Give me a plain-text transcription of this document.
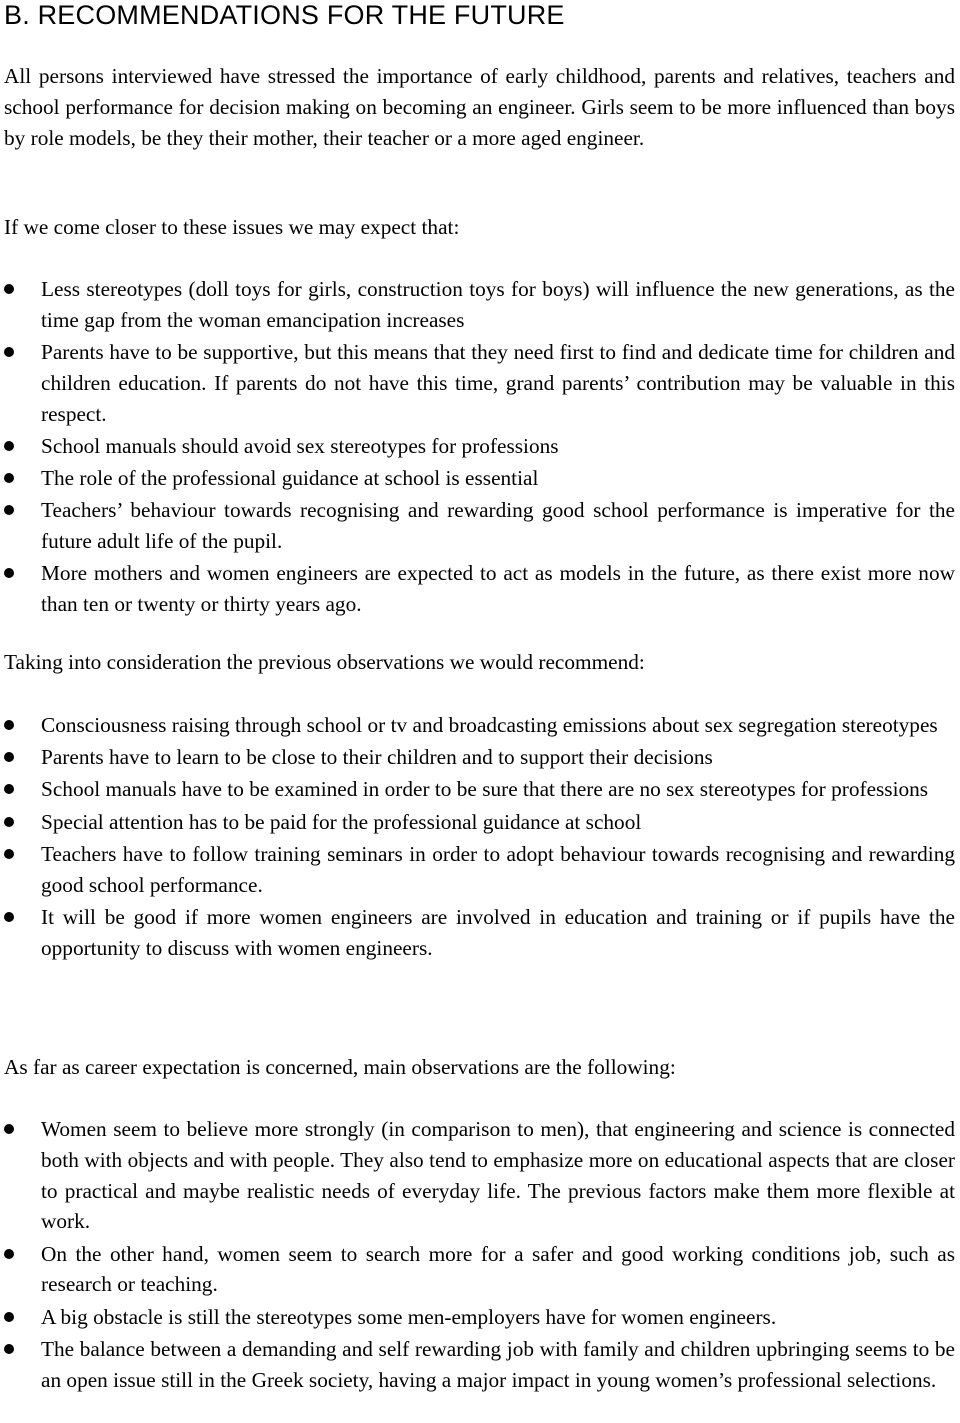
B. RECOMMENDATIONS FOR THE FUTURE

All persons interviewed have stressed the importance of early childhood, parents and relatives, teachers and school performance for decision making on becoming an engineer. Girls seem to be more influenced than boys by role models, be they their mother, their teacher or a more aged engineer.

If we come closer to these issues we may expect that:

Less stereotypes (doll toys for girls, construction toys for boys) will influence the new generations, as the time gap from the woman emancipation increases
Parents have to be supportive, but this means that they need first to find and dedicate time for children and children education. If parents do not have this time, grand parents’ contribution may be valuable in this respect.
School manuals should avoid sex stereotypes for professions
The role of the professional guidance at school is essential
Teachers’ behaviour towards recognising and rewarding good school performance is imperative for the future adult life of the pupil.
More mothers and women engineers are expected to act as models in the future, as there exist more now than ten or twenty or thirty years ago.

Taking into consideration the previous observations we would recommend:

Consciousness raising through school or tv and broadcasting emissions about sex segregation stereotypes
Parents have to learn to be close to their children and to support their decisions
School manuals have to be examined in order to be sure that there are no sex stereotypes for professions
Special attention has to be paid for the professional guidance at school
Teachers have to follow training seminars in order to adopt behaviour towards recognising and rewarding good school performance.
It will be good if more women engineers are involved in education and training or if pupils have the opportunity to discuss with women engineers.

As far as career expectation is concerned, main observations are the following:

Women seem to believe more strongly (in comparison to men), that engineering and science is connected both with objects and with people. They also tend to emphasize more on educational aspects that are closer to practical and maybe realistic needs of everyday life. The previous factors make them more flexible at work.
On the other hand, women seem to search more for a safer and good working conditions job, such as research or teaching.
A big obstacle is still the stereotypes some men-employers have for women engineers.
The balance between a demanding and self rewarding job with family and children upbringing seems to be an open issue still in the Greek society, having a major impact in young women’s professional selections.
